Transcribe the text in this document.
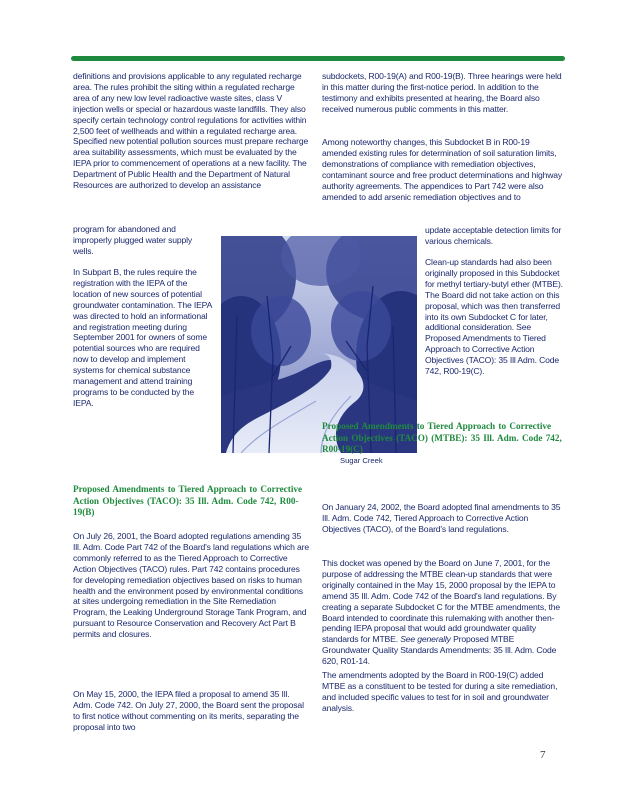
definitions and provisions applicable to any regulated recharge area. The rules prohibit the siting within a regulated recharge area of any new low level radioactive waste sites, class V injection wells or special or hazardous waste landfills. They also specify certain technology control regulations for activities within 2,500 feet of wellheads and within a regulated recharge area. Specified new potential pollution sources must prepare recharge area suitability assessments, which must be evaluated by the IEPA prior to commencement of operations at a new facility. The Department of Public Health and the Department of Natural Resources are authorized to develop an assistance

program for abandoned and improperly plugged water supply wells.

In Subpart B, the rules require the registration with the IEPA of the location of new sources of potential groundwater contamination. The IEPA was directed to hold an informational and registration meeting during September 2001 for owners of some potential sources who are required now to develop and implement systems for chemical substance management and attend training programs to be conducted by the IEPA.

Proposed Amendments to Tiered Approach to Corrective Action Objectives (TACO): 35 Ill. Adm. Code 742, R00-19(B)

On July 26, 2001, the Board adopted regulations amending 35 Ill. Adm. Code Part 742 of the Board's land regulations which are commonly referred to as the Tiered Approach to Corrective Action Objectives (TACO) rules. Part 742 contains procedures for developing remediation objectives based on risks to human health and the environment posed by environmental conditions at sites undergoing remediation in the Site Remediation Program, the Leaking Underground Storage Tank Program, and pursuant to Resource Conservation and Recovery Act Part B permits and closures.

On May 15, 2000, the IEPA filed a proposal to amend 35 Ill. Adm. Code 742. On July 27, 2000, the Board sent the proposal to first notice without commenting on its merits, separating the proposal into two

Sugar Creek

subdockets, R00-19(A) and R00-19(B). Three hearings were held in this matter during the first-notice period. In addition to the testimony and exhibits presented at hearing, the Board also received numerous public comments in this matter.

Among noteworthy changes, this Subdocket B in R00-19 amended existing rules for determination of soil saturation limits, demonstrations of compliance with remediation objectives, contaminant source and free product determinations and highway authority agreements. The appendices to Part 742 were also amended to add arsenic remediation objectives and to

update acceptable detection limits for various chemicals.

Clean-up standards had also been originally proposed in this Subdocket for methyl tertiary-butyl ether (MTBE). The Board did not take action on this proposal, which was then transferred into its own Subdocket C for later, additional consideration. See Proposed Amendments to Tiered Approach to Corrective Action Objectives (TACO): 35 Ill Adm. Code 742, R00-19(C).

Proposed Amendments to Tiered Approach to Corrective Action Objectives (TACO) (MTBE): 35 Ill. Adm. Code 742, R00-19(C)

On January 24, 2002, the Board adopted final amendments to 35 Ill. Adm. Code 742, Tiered Approach to Corrective Action Objectives (TACO), of the Board's land regulations.

This docket was opened by the Board on June 7, 2001, for the purpose of addressing the MTBE clean-up standards that were originally contained in the May 15, 2000 proposal by the IEPA to amend 35 Ill. Adm. Code 742 of the Board's land regulations. By creating a separate Subdocket C for the MTBE amendments, the Board intended to coordinate this rulemaking with another then-pending IEPA proposal that would add groundwater quality standards for MTBE. See generally Proposed MTBE Groundwater Quality Standards Amendments: 35 Ill. Adm. Code 620, R01-14.

The amendments adopted by the Board in R00-19(C) added MTBE as a constituent to be tested for during a site remediation, and included specific values to test for in soil and groundwater analysis.

7
